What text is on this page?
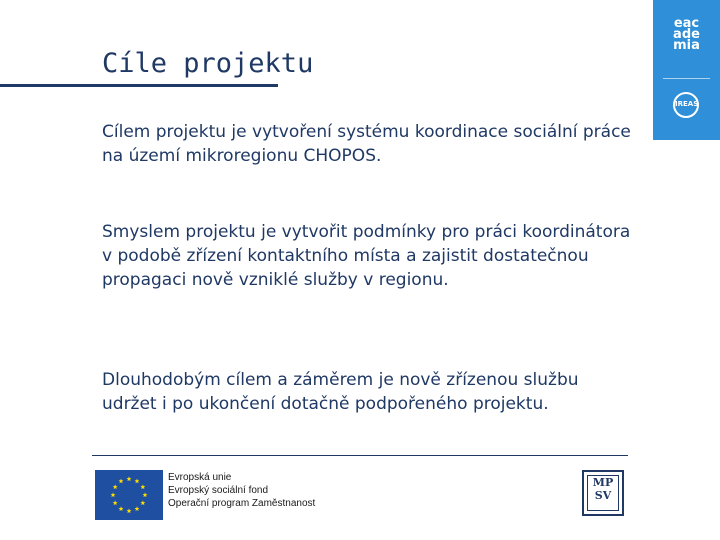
eac
ade
mia
IREAS
Cíle projektu

Cílem projektu je vytvoření systému koordinace sociální práce na území mikroregionu CHOPOS.

Smyslem projektu je vytvořit podmínky pro práci koordinátora v podobě zřízení kontaktního místa a zajistit dostatečnou propagaci nově vzniklé služby v regionu.

Dlouhodobým cílem a záměrem je nově zřízenou službu udržet i po ukončení dotačně podpořeného projektu.

Evropská unie
Evropský sociální fond
Operační program Zaměstnanost
MP
SV
